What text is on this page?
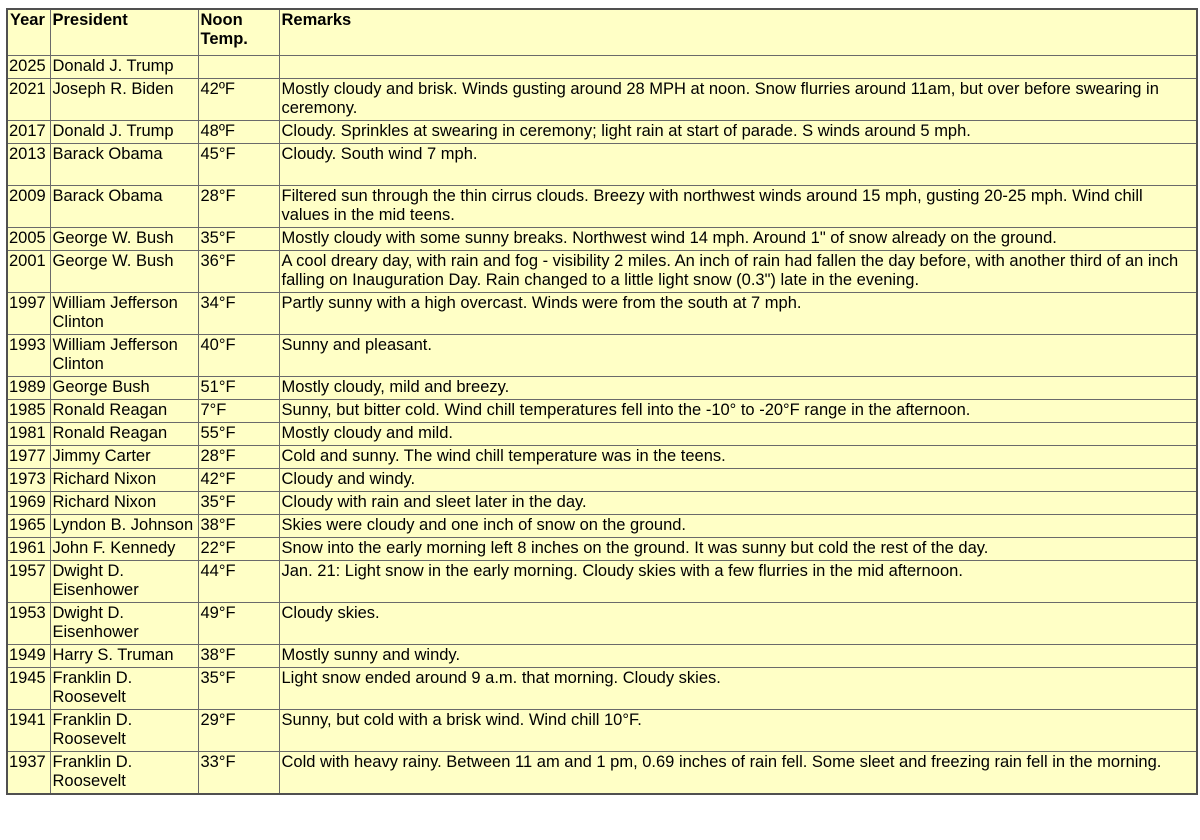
Year	President	Noon Temp.	Remarks
2025	Donald J. Trump		
2021	Joseph R. Biden	42ºF	Mostly cloudy and brisk. Winds gusting around 28 MPH at noon. Snow flurries around 11am, but over before swearing in ceremony.
2017	Donald J. Trump	48ºF	Cloudy. Sprinkles at swearing in ceremony; light rain at start of parade. S winds around 5 mph.
2013	Barack Obama	45°F	Cloudy. South wind 7 mph.
2009	Barack Obama	28°F	Filtered sun through the thin cirrus clouds. Breezy with northwest winds around 15 mph, gusting 20-25 mph. Wind chill values in the mid teens.
2005	George W. Bush	35°F	Mostly cloudy with some sunny breaks. Northwest wind 14 mph. Around 1" of snow already on the ground.
2001	George W. Bush	36°F	A cool dreary day, with rain and fog - visibility 2 miles. An inch of rain had fallen the day before, with another third of an inch falling on Inauguration Day. Rain changed to a little light snow (0.3") late in the evening.
1997	William Jefferson Clinton	34°F	Partly sunny with a high overcast. Winds were from the south at 7 mph.
1993	William Jefferson Clinton	40°F	Sunny and pleasant.
1989	George Bush	51°F	Mostly cloudy, mild and breezy.
1985	Ronald Reagan	7°F	Sunny, but bitter cold. Wind chill temperatures fell into the -10° to -20°F range in the afternoon.
1981	Ronald Reagan	55°F	Mostly cloudy and mild.
1977	Jimmy Carter	28°F	Cold and sunny. The wind chill temperature was in the teens.
1973	Richard Nixon	42°F	Cloudy and windy.
1969	Richard Nixon	35°F	Cloudy with rain and sleet later in the day.
1965	Lyndon B. Johnson	38°F	Skies were cloudy and one inch of snow on the ground.
1961	John F. Kennedy	22°F	Snow into the early morning left 8 inches on the ground. It was sunny but cold the rest of the day.
1957	Dwight D. Eisenhower	44°F	Jan. 21: Light snow in the early morning. Cloudy skies with a few flurries in the mid afternoon.
1953	Dwight D. Eisenhower	49°F	Cloudy skies.
1949	Harry S. Truman	38°F	Mostly sunny and windy.
1945	Franklin D. Roosevelt	35°F	Light snow ended around 9 a.m. that morning. Cloudy skies.
1941	Franklin D. Roosevelt	29°F	Sunny, but cold with a brisk wind. Wind chill 10°F.
1937	Franklin D. Roosevelt	33°F	Cold with heavy rainy. Between 11 am and 1 pm, 0.69 inches of rain fell. Some sleet and freezing rain fell in the morning.
